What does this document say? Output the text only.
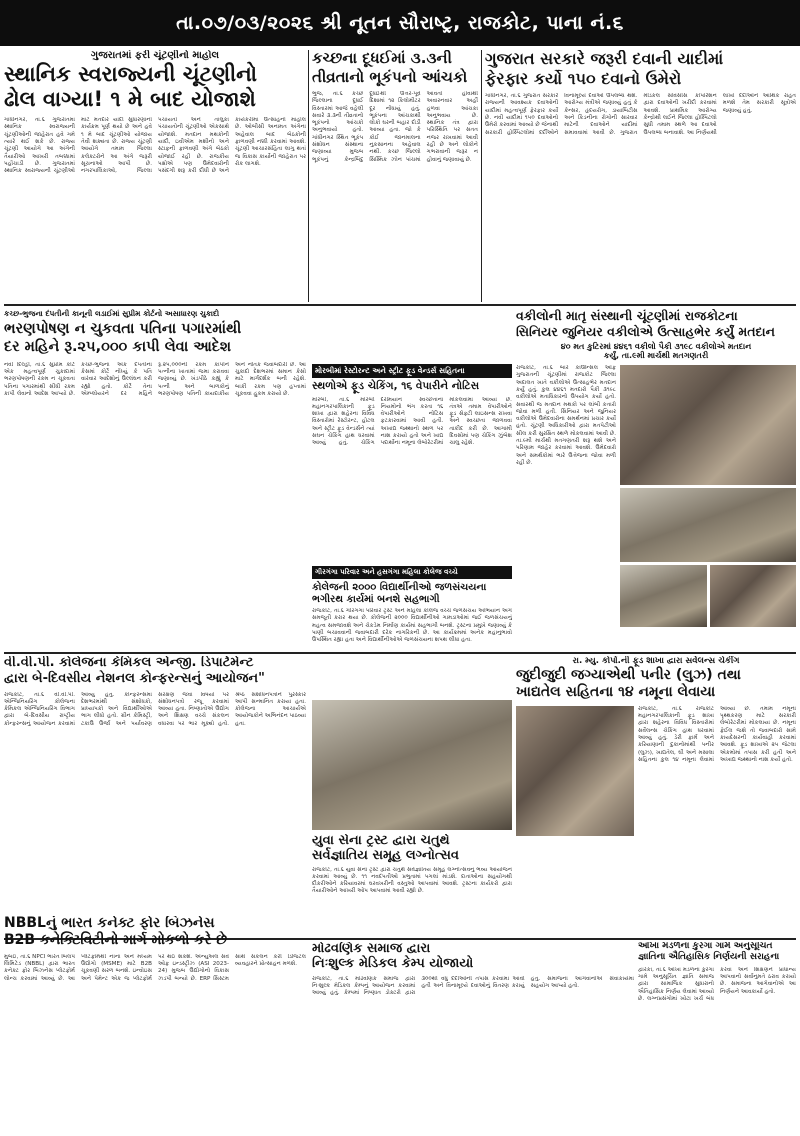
તા.૦૭/૦૩/૨૦૨૬ શ્રી નૂતન સૌરાષ્ટ્ર, રાજકોટ, પાના નં.૬
ગુજરાતમાં ફરી ચૂંટણીનો માહોલ
સ્થાનિક સ્વરાજ્યની ચૂંટણીનો
ઢોલ વાગ્યા! ૧ મે બાદ યોજાશે
ગાંધીનગર, તા.૬ ગુજરાતમાં સ્થાનિક સ્વરાજ્યની ચૂંટણીઓની જાહેરાત હવે ગમે ત્યારે થઈ શકે છે. રાજ્ય ચૂંટણી આયોગે આ અંગેની તૈયારીઓ આખરી તબક્કામાં પહોંચાડી છે. ગુજરાતમાં સ્થાનિક સ્વરાજ્યની ચૂંટણીઓ માટે મતદાર યાદી સુધારણાનો કાર્યક્રમ પૂર્ણ થયો છે અને હવે ૧ મે બાદ ચૂંટણીઓ યોજાય તેવી શક્યતા છે. રાજ્ય ચૂંટણી આયોગે તમામ જિલ્લા કલેક્ટરોને આ અંગે જરૂરી સૂચનાઓ આપી છે. નગરપાલિકાઓ, જિલ્લા પંચાયતો અને તાલુકા પંચાયતોની ચૂંટણીઓ એકસાથે યોજાશે. મતદાન મથકોની યાદી, ઇવીએમ મશીનો અને સ્ટાફની ફાળવણી અંગે બેઠકો યોજાઈ રહી છે. રાજકીય પક્ષોએ પણ ઉમેદવારોની પસંદગી શરૂ કરી દીધી છે અને કાર્યકરોમાં ઉત્સાહનો માહોલ છે. ઓબીસી અનામત અંગેના અહેવાલ બાદ બેઠકોની ફાળવણી નક્કી કરવામાં આવશે. ચૂંટણી આચારસંહિતા લાગુ થતાં જ વિકાસ કાર્યોની જાહેરાત પર રોક લાગશે.
કચ્છના દૂધઈમાં ૩.૩ની
તીવ્રતાનો ભૂકંપનો આંચકો
ભુજ, તા.૬ કચ્છ જિલ્લાના દૂધઈ વિસ્તારમાં આજે વહેલી સવારે ૩.૩ની તીવ્રતાનો ભૂકંપનો આંચકો અનુભવાયો હતો. ગાંધીનગર સ્થિત ભૂકંપ સંશોધન સંસ્થાના જણાવ્યા મુજબ ભૂકંપનું કેન્દ્રબિંદુ દૂધઈથી ઉત્તર-પૂર્વ દિશામાં ૧૨ કિલોમીટર દૂર નોંધાયું હતું. ભૂકંપના આંચકાથી લોકો ઘરની બહાર દોડી આવ્યા હતા. જો કે કોઈ જાનમાલના નુકસાનના અહેવાલ નથી. કચ્છ જિલ્લો સિસ્મિક ઝોન પાંચમાં આવતો હોવાથી અવારનવાર અહીં હળવા આંચકા અનુભવાય છે. સ્થાનિક તંત્ર દ્વારા પરિસ્થિતિ પર સતત નજર રાખવામાં આવી રહી છે અને લોકોને ગભરાવાની જરૂર ન હોવાનું જણાવાયું છે.
ગુજરાત સરકારે જરૂરી દવાની યાદીમાં
ફેરફાર કર્યો ૧૫૦ દવાનો ઉમેરો
ગાંધીનગર, તા.૬ ગુજરાત સરકારે રાજ્યની આવશ્યક દવાઓની યાદીમાં મહત્વપૂર્ણ ફેરફાર કર્યો છે. નવી યાદીમાં ૧૫૦ દવાઓનો ઉમેરો કરવામાં આવ્યો છે જેનાથી સરકારી હોસ્પિટલોમાં દર્દીઓને વિનામૂલ્યે દવાઓ ઉપલબ્ધ થશે. આરોગ્ય મંત્રીએ જણાવ્યું હતું કે કેન્સર, હૃદયરોગ, ડાયાબિટીસ અને કિડનીના રોગોની સારવાર માટેની દવાઓને યાદીમાં સમાવવામાં આવી છે. ગુજરાત મેડિકલ સર્વિસીસ કોર્પોરેશન દ્વારા દવાઓની ખરીદી કરવામાં આવશે. પ્રાથમિક આરોગ્ય કેન્દ્રોથી લઈને જિલ્લા હોસ્પિટલો સુધી તમામ સ્થળે આ દવાઓ ઉપલબ્ધ બનાવાશે. આ નિર્ણયથી લાખો દર્દીઓને આર્થિક રાહત મળશે તેમ સરકારી સૂત્રોએ જણાવ્યું હતું.
કચ્છ-ભુજના દંપતીની કાનૂની લડાઈમાં સુપ્રીમ કોર્ટનો અસાધારણ ચુકાદો
ભરણપોષણ ન ચુકવતા પતિના પગારમાંથી
દર મહિને રૂ.૨૫,૦૦૦ કાપી લેવા આદેશ
નવી દિલ્હી, તા.૬ સુપ્રીમ કોર્ટે એક મહત્વપૂર્ણ ચુકાદામાં ભરણપોષણની રકમ ન ચૂકવતા પતિના પગારમાંથી સીધી રકમ કાપી લેવાનો આદેશ આપ્યો છે. કચ્છ-ભુજના એક દંપતીના કેસમાં કોર્ટે નોંધ્યું કે પતિ વારંવાર આદેશોનું ઉલ્લંઘન કરી રહ્યો હતો. કોર્ટે તેના એમ્પ્લોયરને દર મહિને રૂ.૨૫,૦૦૦ની રકમ કાપીને પત્નીના ખાતામાં જમા કરાવવા જણાવ્યું છે. ખંડપીઠે કહ્યું કે પત્ની અને બાળકોનું ભરણપોષણ પતિની કાયદાકીય અને નૈતિક જવાબદારી છે. આ ચુકાદો દેશભરમાં સમાન કેસો માટે માર્ગદર્શક બની રહેશે. બાકી રકમ પણ હપ્તામાં ચૂકવવા હુકમ કરાયો છે.
મોરબીમાં રેસ્ટોરન્ટ અને સ્ટ્રીટ ફૂડ વેન્ડર્સ સહિતના
સ્થળોએ ફૂડ ચેકિંગ, ૧૬ વેપારીને નોટિસ
મોરબી, તા.૬ મોરબી મહાનગરપાલિકાની ફૂડ શાખા દ્વારા શહેરના વિવિધ વિસ્તારોમાં રેસ્ટોરન્ટ, હોટલ અને સ્ટ્રીટ ફૂડ વેન્ડર્સને ત્યાં સઘન ચેકિંગ હાથ ધરવામાં આવ્યું હતું. ચેકિંગ દરમિયાન સ્વચ્છતાના નિયમોનો ભંગ કરતા ૧૬ વેપારીઓને નોટિસ ફટકારવામાં આવી હતી. અખાદ્ય જથ્થાનો સ્થળ પર નાશ કરાયો હતો અને ખાદ્ય પદાર્થોના નમૂના લેબોરેટરીમાં મોકલવામાં આવ્યા છે. તંત્રએ તમામ વેપારીઓને ફૂડ સેફ્ટી લાઇસન્સ રાખવા અને સ્વચ્છતા જાળવવા તાકીદ કરી છે. આગામી દિવસોમાં પણ ચેકિંગ ઝુંબેશ ચાલુ રહેશે.
ગીરગંગા પરિવાર અને હસગંગા મહિલા કોલેજ વચ્ચે
કોલેજની ૨૦૦૦ વિદ્યાર્થીનીઓ જળસંચયના
ભગીરથ કાર્યમાં બનશે સહભાગી
રાજકોટ, તા.૬ ગીરગંગા પરિવાર ટ્રસ્ટ અને મહિલા કોલેજ વચ્ચે જળસંચય અભિયાન અંગે સમજૂતી કરાર થયા છે. કોલેજની ૨૦૦૦ વિદ્યાર્થીનીઓ ગામડાઓમાં જઈ જળસંચયનું મહત્વ સમજાવશે અને ચેકડેમ નિર્માણ કાર્યમાં સહભાગી બનશે. ટ્રસ્ટના પ્રમુખે જણાવ્યું કે પાણી બચાવવાની જવાબદારી દરેક નાગરિકની છે. આ કાર્યક્રમમાં અનેક મહાનુભાવો ઉપસ્થિત રહ્યા હતા અને વિદ્યાર્થીનીઓએ જળસંચયના શપથ લીધા હતા.
વકીલોની માતૃ સંસ્થાની ચૂંટણીમાં રાજકોટના
સિનિયર જુનિયર વકીલોએ ઉત્સાહભેર કર્યું મતદાન
૪૦ મત કુટિરમાં ૪૪૬૧ વકીલો પૈકી ૩૧૯૮ વકીલોએ મતદાન
કર્યું, તા.૯મી માર્ચથી મતગણતરી
રાજકોટ, તા.૬ બાર કાઉન્સિલ ઓફ ગુજરાતની ચૂંટણીમાં રાજકોટ જિલ્લા અદાલત ખાતે વકીલોએ ઉત્સાહભેર મતદાન કર્યું હતું. કુલ ૪૪૬૧ મતદારો પૈકી ૩૧૯૮ વકીલોએ મતાધિકારનો ઉપયોગ કર્યો હતો. સવારથી જ મતદાન મથકો પર લાંબી કતારો જોવા મળી હતી. સિનિયર અને જુનિયર વકીલોએ ઉમેદવારોના સમર્થનમાં પ્રચાર કર્યો હતો. ચૂંટણી અધિકારીઓ દ્વારા મતપેટીઓ સીલ કરી સુરક્ષિત સ્થળે મોકલવામાં આવી છે. તા.૯મી માર્ચથી મતગણતરી શરૂ થશે અને પરિણામ જાહેર કરવામાં આવશે. ઉમેદવારો અને સમર્થકોમાં ભારે ઉત્તેજના જોવા મળી રહી છે.
વી.વી.પી. કોલેજના કેમિકલ એન્જી. ડિપાર્ટમેન્ટ
દ્વારા બે-દિવસીય નેશનલ કોન્ફરન્સનું આયોજન"
રાજકોટ, તા.૬ વી.વી.પી. એન્જિનિયરિંગ કોલેજના કેમિકલ એન્જિનિયરિંગ વિભાગ દ્વારા બે-દિવસીય રાષ્ટ્રીય કોન્ફરન્સનું આયોજન કરવામાં આવ્યું હતું. કોન્ફરન્સમાં દેશભરમાંથી સંશોધકો, પ્રાધ્યાપકો અને વિદ્યાર્થીઓએ ભાગ લીધો હતો. ગ્રીન કેમિસ્ટ્રી, ટકાઉ ઉર્જા અને પર્યાવરણ સંરક્ષણ જેવા વિષયો પર સંશોધનપત્રો રજૂ કરવામાં આવ્યા હતા. નિષ્ણાતોએ ઉદ્યોગ અને શિક્ષણ વચ્ચે સંકલન વધારવા પર ભાર મૂક્યો હતો. શ્રેષ્ઠ સંશોધનપત્રોને પુરસ્કાર આપી સન્માનિત કરાયા હતા. કોલેજના આચાર્યએ આયોજકોને અભિનંદન પાઠવ્યા હતા.
યુવા સેના ટ્રસ્ટ દ્વારા ચતુર્થ
સર્વજ્ઞાતિય સમૂહ લગ્નોત્સવ
રાજકોટ, તા.૬ યુવા સેના ટ્રસ્ટ દ્વારા ચતુર્થ સર્વજ્ઞાતિય સમૂહ લગ્નોત્સવનું ભવ્ય આયોજન કરવામાં આવ્યું છે. ૧૧ નવદંપતીઓ પ્રભુતામાં પગલાં માંડશે. દાતાઓના સહયોગથી દીકરીઓને કરિયાવરમાં ઘરવખરીની વસ્તુઓ આપવામાં આવશે. ટ્રસ્ટના કાર્યકરો દ્વારા તૈયારીઓને આખરી ઓપ આપવામાં આવી રહ્યો છે.
રા. મ્યુ. કોર્પો.ની ફૂડ શાખા દ્વારા સર્વેલન્સ ચેકીંગ
જુદીજુદી જગ્યાએથી પનીર (લુઝ) તથા
ખાદ્યતેલ સહિતના ૧૪ નમૂના લેવાયા
રાજકોટ, તા.૬ રાજકોટ મહાનગરપાલિકાની ફૂડ શાખા દ્વારા શહેરના વિવિધ વિસ્તારોમાં સર્વેલન્સ ચેકિંગ હાથ ધરવામાં આવ્યું હતું. ડેરી ફાર્મ અને કરિયાણાની દુકાનોમાંથી પનીર (લુઝ), ખાદ્યતેલ, ઘી અને મસાલા સહિતના કુલ ૧૪ નમૂના લેવામાં આવ્યા છે. તમામ નમૂના પૃથ્થકરણ માટે સરકારી લેબોરેટરીમાં મોકલાયા છે. નમૂના ફેઈલ જશે તો જવાબદારો સામે કાયદેસરની કાર્યવાહી કરવામાં આવશે. ફૂડ શાખાએ ૨૫ જેટલા એકમોમાં તપાસ કરી હતી અને અખાદ્ય જથ્થાનો નાશ કર્યો હતો.
NBBLનું ભારત કનેક્ટ ફોર બિઝનેસ
B2B કનેક્ટિવિટીનો માર્ગ મોકળો કરે છે
મુંબઈ, તા.૬ NPCI ભારત બિલપે લિમિટેડ (NBBL) દ્વારા ભારત કનેક્ટ ફોર બિઝનેસ પ્લેટફોર્મ લોન્ચ કરવામાં આવ્યું છે. આ પ્લેટફોર્મથી નાના અને મધ્યમ ઉદ્યોગો (MSME) માટે B2B ચૂકવણી સરળ બનશે. ઇન્વોઇસ અને પેમેન્ટ એક જ પ્લેટફોર્મ પર થઈ શકશે. એન્યુઅલ સર્વે ઓફ ઇન્ડસ્ટ્રીઝ (ASI 2023-24) મુજબ ઉદ્યોગોનો વિકાસ ઝડપી બન્યો છે. ERP સિસ્ટમ સાથે સંકલન કરી ડિજિટલ વ્યવહારને પ્રોત્સાહન મળશે.
મોઢવણિક સમાજ દ્વારા
નિઃશુલ્ક મેડિકલ કેમ્પ યોજાયો
રાજકોટ, તા.૬ મોઢવણિક સમાજ દ્વારા નિઃશુલ્ક મેડિકલ કેમ્પનું આયોજન કરવામાં આવ્યું હતું. કેમ્પમાં નિષ્ણાત ડોક્ટરો દ્વારા ૩૦૦થી વધુ દર્દીઓની તપાસ કરવામાં આવી હતી અને વિનામૂલ્યે દવાઓનું વિતરણ કરાયું હતું. સમાજના આગેવાનોએ સેવાકાર્યમાં સહયોગ આપ્યો હતો.
ઓખા મંડળના કુરંગા ગામે અનુસૂચિત
જ્ઞાતિના ઐતિહાસિક નિર્ણયની સરાહના
દ્વારકા, તા.૬ ઓખા મંડળના કુરંગા ગામે અનુસૂચિત જ્ઞાતિ સમાજ દ્વારા સામાજિક સુધારાનો ઐતિહાસિક નિર્ણય લેવામાં આવ્યો છે. લગ્નપ્રસંગોમાં ખોટા ખર્ચ બંધ કરવા અને શિક્ષણને પ્રાધાન્ય આપવાનો સર્વાનુમતે ઠરાવ કરાયો છે. સમાજના આગેવાનોએ આ નિર્ણયને આવકાર્યો હતો.
